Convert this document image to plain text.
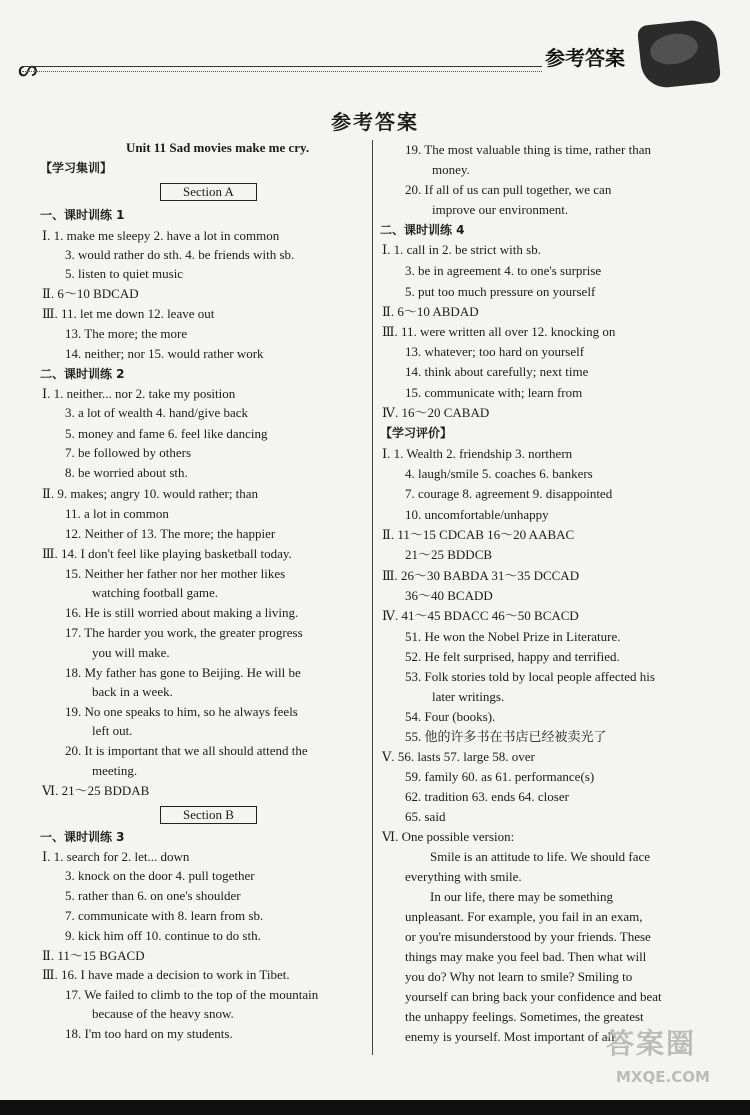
ᔕ	参考答案
参考答案
Unit 11 Sad movies make me cry.
【学习集训】
Section A
一、课时训练 1
Ⅰ. 1. make me sleepy 2. have a lot in common
3. would rather do sth. 4. be friends with sb.
5. listen to quiet music
Ⅱ. 6～10 BDCAD
Ⅲ. 11. let me down 12. leave out
13. The more; the more
14. neither; nor 15. would rather work
二、课时训练 2
Ⅰ. 1. neither... nor 2. take my position
3. a lot of wealth 4. hand/give back
5. money and fame 6. feel like dancing
7. be followed by others
8. be worried about sth.
Ⅱ. 9. makes; angry 10. would rather; than
11. a lot in common
12. Neither of 13. The more; the happier
Ⅲ. 14. I don't feel like playing basketball today.
15. Neither her father nor her mother likes
watching football game.
16. He is still worried about making a living.
17. The harder you work, the greater progress
you will make.
18. My father has gone to Beijing. He will be
back in a week.
19. No one speaks to him, so he always feels
left out.
20. It is important that we all should attend the
meeting.
Ⅵ. 21～25 BDDAB
Section B
一、课时训练 3
Ⅰ. 1. search for 2. let... down
3. knock on the door 4. pull together
5. rather than 6. on one's shoulder
7. communicate with 8. learn from sb.
9. kick him off 10. continue to do sth.
Ⅱ. 11～15 BGACD
Ⅲ. 16. I have made a decision to work in Tibet.
17. We failed to climb to the top of the mountain
because of the heavy snow.
18. I'm too hard on my students.
19. The most valuable thing is time, rather than
money.
20. If all of us can pull together, we can
improve our environment.
二、课时训练 4
Ⅰ. 1. call in 2. be strict with sb.
3. be in agreement 4. to one's surprise
5. put too much pressure on yourself
Ⅱ. 6～10 ABDAD
Ⅲ. 11. were written all over 12. knocking on
13. whatever; too hard on yourself
14. think about carefully; next time
15. communicate with; learn from
Ⅳ. 16～20 CABAD
【学习评价】
Ⅰ. 1. Wealth 2. friendship 3. northern
4. laugh/smile 5. coaches 6. bankers
7. courage 8. agreement 9. disappointed
10. uncomfortable/unhappy
Ⅱ. 11～15 CDCAB 16～20 AABAC
21～25 BDDCB
Ⅲ. 26～30 BABDA 31～35 DCCAD
36～40 BCADD
Ⅳ. 41～45 BDACC 46～50 BCACD
51. He won the Nobel Prize in Literature.
52. He felt surprised, happy and terrified.
53. Folk stories told by local people affected his
later writings.
54. Four (books).
55. 他的许多书在书店已经被卖光了
Ⅴ. 56. lasts 57. large 58. over
59. family 60. as 61. performance(s)
62. tradition 63. ends 64. closer
65. said
Ⅵ. One possible version:
Smile is an attitude to life. We should face
everything with smile.
In our life, there may be something
unpleasant. For example, you fail in an exam,
or you're misunderstood by your friends. These
things may make you feel bad. Then what will
you do? Why not learn to smile? Smiling to
yourself can bring back your confidence and beat
the unhappy feelings. Sometimes, the greatest
enemy is yourself. Most important of all,
答案圈
MXQE.COM
